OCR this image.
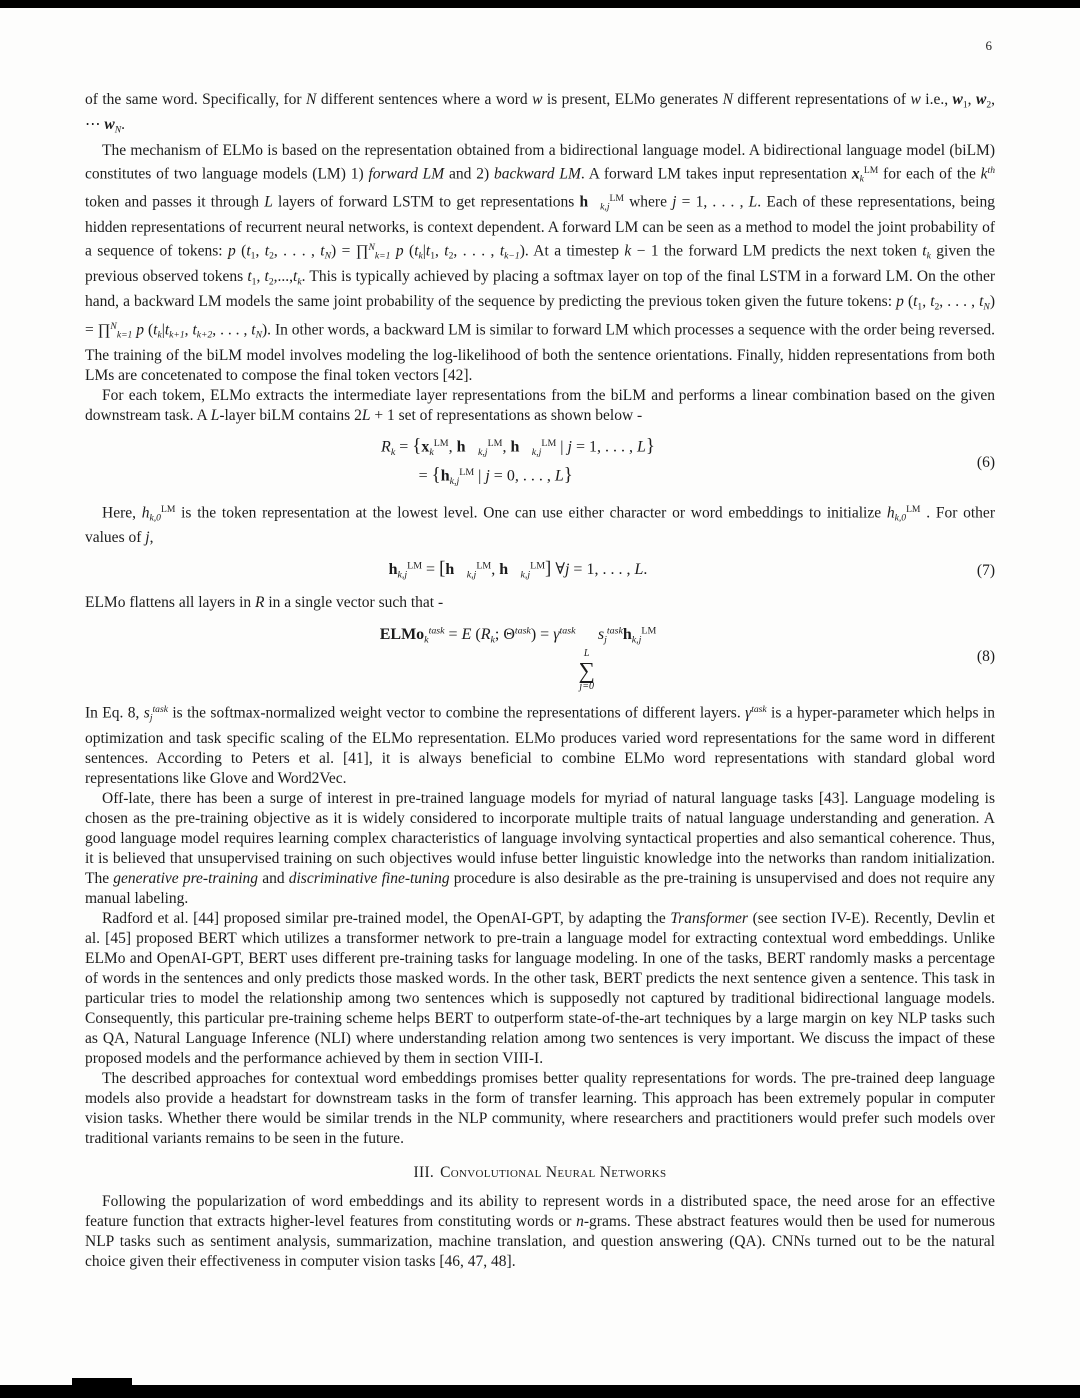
6

of the same word. Specifically, for N different sentences where a word w is present, ELMo generates N different representations of w i.e., $w_1$, $w_2$, ⋯ $w_N$.

The mechanism of ELMo is based on the representation obtained from a bidirectional language model. A bidirectional language model (biLM) constitutes of two language models (LM) 1) forward LM and 2) backward LM. A forward LM takes input representation $x_k^{LM}$ for each of the $k^{th}$ token and passes it through L layers of forward LSTM to get representations $h⃗_{k,j}^{LM}$ where j = 1, . . . , L. Each of these representations, being hidden representations of recurrent neural networks, is context dependent. A forward LM can be seen as a method to model the joint probability of a sequence of tokens: p ($t_1$, $t_2$, . . . , $t_N$) = ∏$^N_{k=1}$ p ($t_k|t_1$, $t_2$, . . . , $t_{k-1}$). At a timestep k − 1 the forward LM predicts the next token $t_k$ given the previous observed tokens $t_1$, $t_2,...,t_k$. This is typically achieved by placing a softmax layer on top of the final LSTM in a forward LM. On the other hand, a backward LM models the same joint probability of the sequence by predicting the previous token given the future tokens: p ($t_1$, $t_2$, . . . , $t_N$) = ∏$^N_{k=1}$ p ($t_k|t_{k+1}$, $t_{k+2}$, . . . , $t_N$). In other words, a backward LM is similar to forward LM which processes a sequence with the order being reversed. The training of the biLM model involves modeling the log-likelihood of both the sentence orientations. Finally, hidden representations from both LMs are concetenated to compose the final token vectors [42].

For each tokem, ELMo extracts the intermediate layer representations from the biLM and performs a linear combination based on the given downstream task. A L-layer biLM contains 2L + 1 set of representations as shown below -

$R_k = \{x_k^{LM}$, $h⃗_{k,j}^{LM}$, $h⃖_{k,j}^{LM}$ | j = 1, . . . , L}
= {$h_{k,j}^{LM}$ | j = 0, . . . , L}
(6)

Here, $h_{k,0}^{LM}$ is the token representation at the lowest level. One can use either character or word embeddings to initialize $h_{k,0}^{LM}$ . For other values of j,

$h_{k,j}^{LM}$ = [$h⃗_{k,j}^{LM}$, $h⃖_{k,j}^{LM}$] ∀j = 1, . . . , L.	(7)

ELMo flattens all layers in R in a single vector such that -

ELMo$_k^{task}$ = E ($R_k$; $\Theta^{task}) = \gamma^{task}$
L
∑
j=0
$s_j^{task}h_{k,j}^{LM}$
(8)

In Eq. 8, $s_j^{task}$ is the softmax-normalized weight vector to combine the representations of different layers. $\gamma^{task}$ is a hyper-parameter which helps in optimization and task specific scaling of the ELMo representation. ELMo produces varied word representations for the same word in different sentences. According to Peters et al. [41], it is always beneficial to combine ELMo word representations with standard global word representations like Glove and Word2Vec.

Off-late, there has been a surge of interest in pre-trained language models for myriad of natural language tasks [43]. Language modeling is chosen as the pre-training objective as it is widely considered to incorporate multiple traits of natual language understanding and generation. A good language model requires learning complex characteristics of language involving syntactical properties and also semantical coherence. Thus, it is believed that unsupervised training on such objectives would infuse better linguistic knowledge into the networks than random initialization. The generative pre-training and discriminative fine-tuning procedure is also desirable as the pre-training is unsupervised and does not require any manual labeling.

Radford et al. [44] proposed similar pre-trained model, the OpenAI-GPT, by adapting the Transformer (see section IV-E). Recently, Devlin et al. [45] proposed BERT which utilizes a transformer network to pre-train a language model for extracting contextual word embeddings. Unlike ELMo and OpenAI-GPT, BERT uses different pre-training tasks for language modeling. In one of the tasks, BERT randomly masks a percentage of words in the sentences and only predicts those masked words. In the other task, BERT predicts the next sentence given a sentence. This task in particular tries to model the relationship among two sentences which is supposedly not captured by traditional bidirectional language models. Consequently, this particular pre-training scheme helps BERT to outperform state-of-the-art techniques by a large margin on key NLP tasks such as QA, Natural Language Inference (NLI) where understanding relation among two sentences is very important. We discuss the impact of these proposed models and the performance achieved by them in section VIII-I.

The described approaches for contextual word embeddings promises better quality representations for words. The pre-trained deep language models also provide a headstart for downstream tasks in the form of transfer learning. This approach has been extremely popular in computer vision tasks. Whether there would be similar trends in the NLP community, where researchers and practitioners would prefer such models over traditional variants remains to be seen in the future.

III. Convolutional Neural Networks

Following the popularization of word embeddings and its ability to represent words in a distributed space, the need arose for an effective feature function that extracts higher-level features from constituting words or n-grams. These abstract features would then be used for numerous NLP tasks such as sentiment analysis, summarization, machine translation, and question answering (QA). CNNs turned out to be the natural choice given their effectiveness in computer vision tasks [46, 47, 48].
